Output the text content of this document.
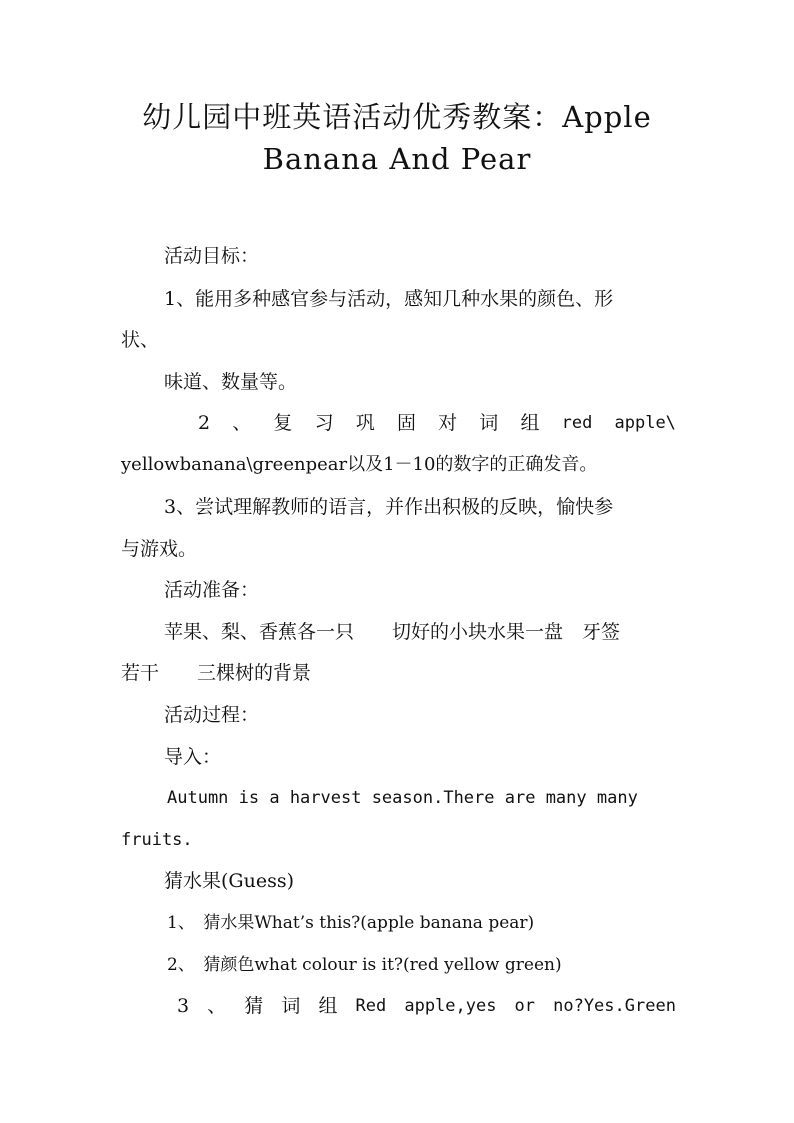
幼儿园中班英语活动优秀教案：Apple
Banana And Pear
活动目标：
1、能用多种感官参与活动，感知几种水果的颜色、形
状、
味道、数量等。
2 、 复 习 巩 固 对 词 组 red apple\
yellowbanana\greenpear以及1－10的数字的正确发音。
3、尝试理解教师的语言，并作出积极的反映，愉快参
与游戏。
活动准备：
苹果、梨、香蕉各一只　　切好的小块水果一盘　牙签
若干　　三棵树的背景
活动过程：
导入：
Autumn is a harvest season.There are many many
fruits.
猜水果(Guess)
1、　猜水果What’s this?(apple banana pear)
2、　猜颜色what colour is it?(red yellow green)
3 、 猜 词 组 Red apple,yes or no?Yes.Green
